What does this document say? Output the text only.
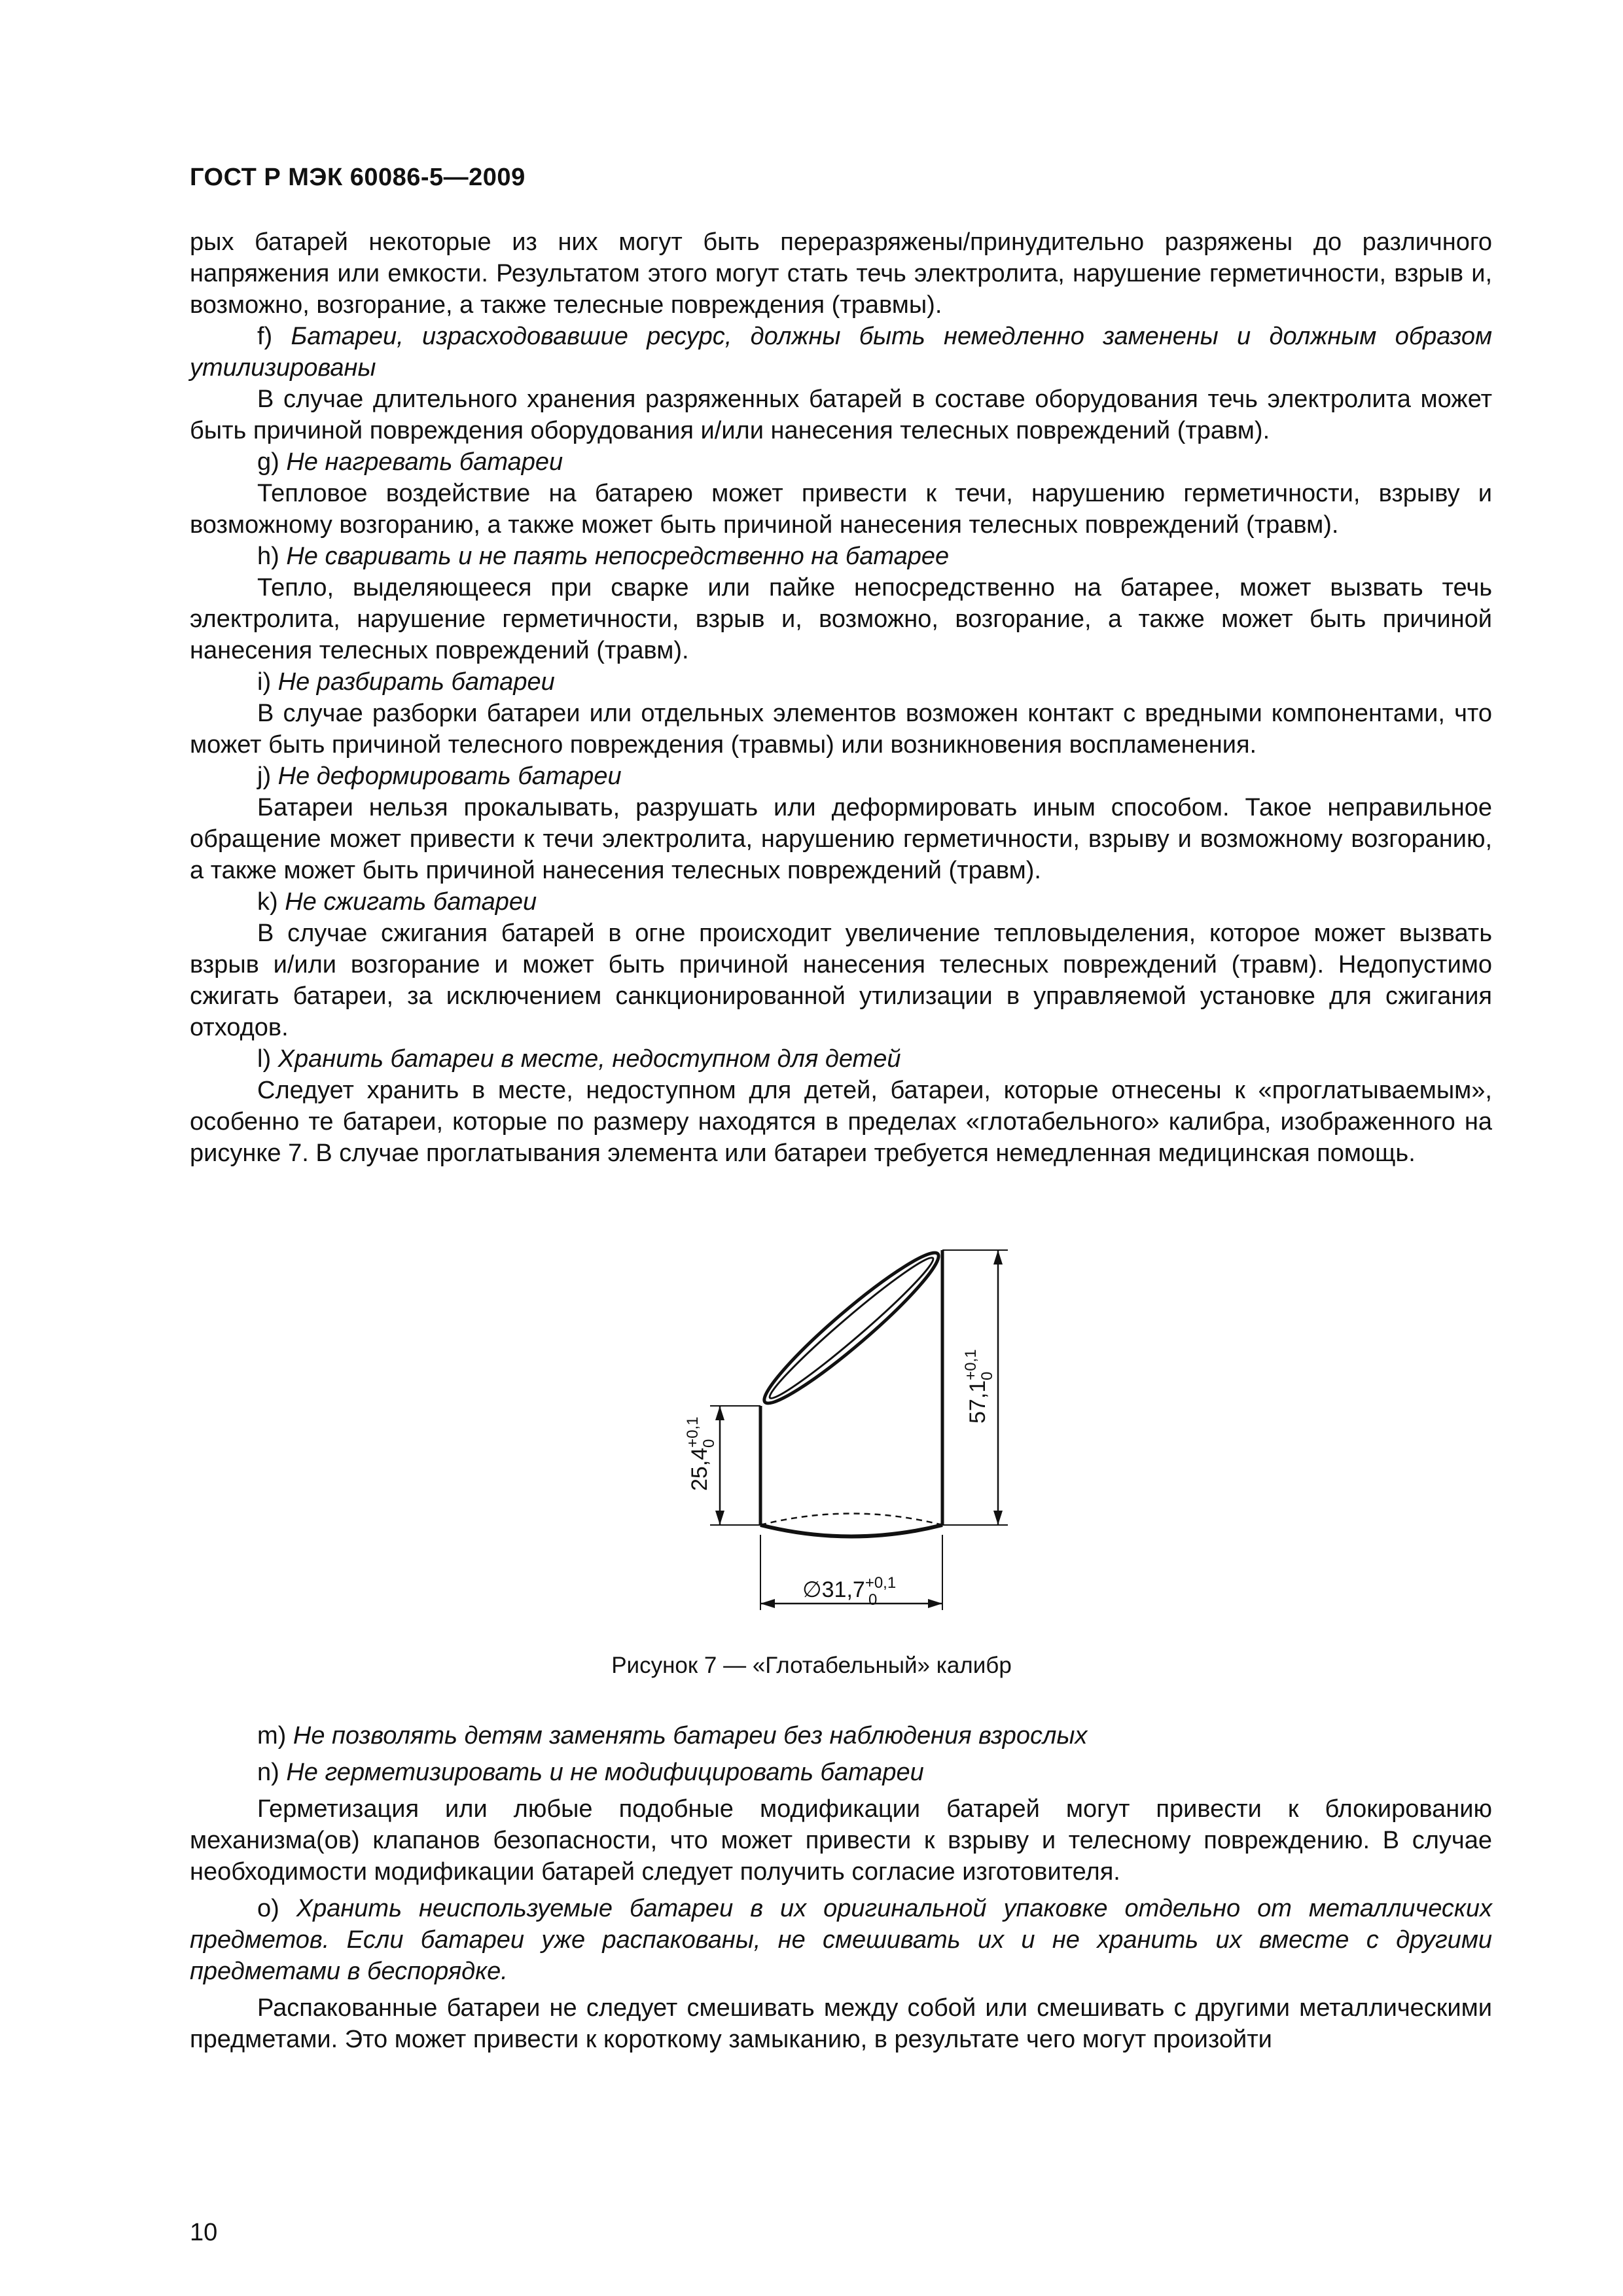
ГОСТ Р МЭК 60086-5—2009

рых батарей некоторые из них могут быть переразряжены/принудительно разряжены до различного напряжения или емкости. Результатом этого могут стать течь электролита, нарушение герметичности, взрыв и, возможно, возгорание, а также телесные повреждения (травмы).

f) Батареи, израсходовавшие ресурс, должны быть немедленно заменены и должным образом утилизированы

В случае длительного хранения разряженных батарей в составе оборудования течь электролита может быть причиной повреждения оборудования и/или нанесения телесных повреждений (травм).

g) Не нагревать батареи

Тепловое воздействие на батарею может привести к течи, нарушению герметичности, взрыву и возможному возгоранию, а также может быть причиной нанесения телесных повреждений (травм).

h) Не сваривать и не паять непосредственно на батарее

Тепло, выделяющееся при сварке или пайке непосредственно на батарее, может вызвать течь электролита, нарушение герметичности, взрыв и, возможно, возгорание, а также может быть причиной нанесения телесных повреждений (травм).

i) Не разбирать батареи

В случае разборки батареи или отдельных элементов возможен контакт с вредными компонентами, что может быть причиной телесного повреждения (травмы) или возникновения воспламенения.

j) Не деформировать батареи

Батареи нельзя прокалывать, разрушать или деформировать иным способом. Такое неправильное обращение может привести к течи электролита, нарушению герметичности, взрыву и возможному возгоранию, а также может быть причиной нанесения телесных повреждений (травм).

k) Не сжигать батареи

В случае сжигания батарей в огне происходит увеличение тепловыделения, которое может вызвать взрыв и/или возгорание и может быть причиной нанесения телесных повреждений (травм). Недопустимо сжигать батареи, за исключением санкционированной утилизации в управляемой установке для сжигания отходов.

l) Хранить батареи в месте, недоступном для детей

Следует хранить в месте, недоступном для детей, батареи, которые отнесены к «проглатываемым», особенно те батареи, которые по размеру находятся в пределах «глотабельного» калибра, изображенного на рисунке 7. В случае проглатывания элемента или батареи требуется немедленная медицинская помощь.

$25,4^{+0,1}$
0
$57,1^{+0,1}$
0
$\emptyset 31,7^{+0,1}$
0
Рисунок 7 — «Глотабельный» калибр

m) Не позволять детям заменять батареи без наблюдения взрослых

n) Не герметизировать и не модифицировать батареи

Герметизация или любые подобные модификации батарей могут привести к блокированию механизма(ов) клапанов безопасности, что может привести к взрыву и телесному повреждению. В случае необходимости модификации батарей следует получить согласие изготовителя.

o) Хранить неиспользуемые батареи в их оригинальной упаковке отдельно от металлических предметов. Если батареи уже распакованы, не смешивать их и не хранить их вместе с другими предметами в беспорядке.

Распакованные батареи не следует смешивать между собой или смешивать с другими металлическими предметами. Это может привести к короткому замыканию, в результате чего могут произойти

10
